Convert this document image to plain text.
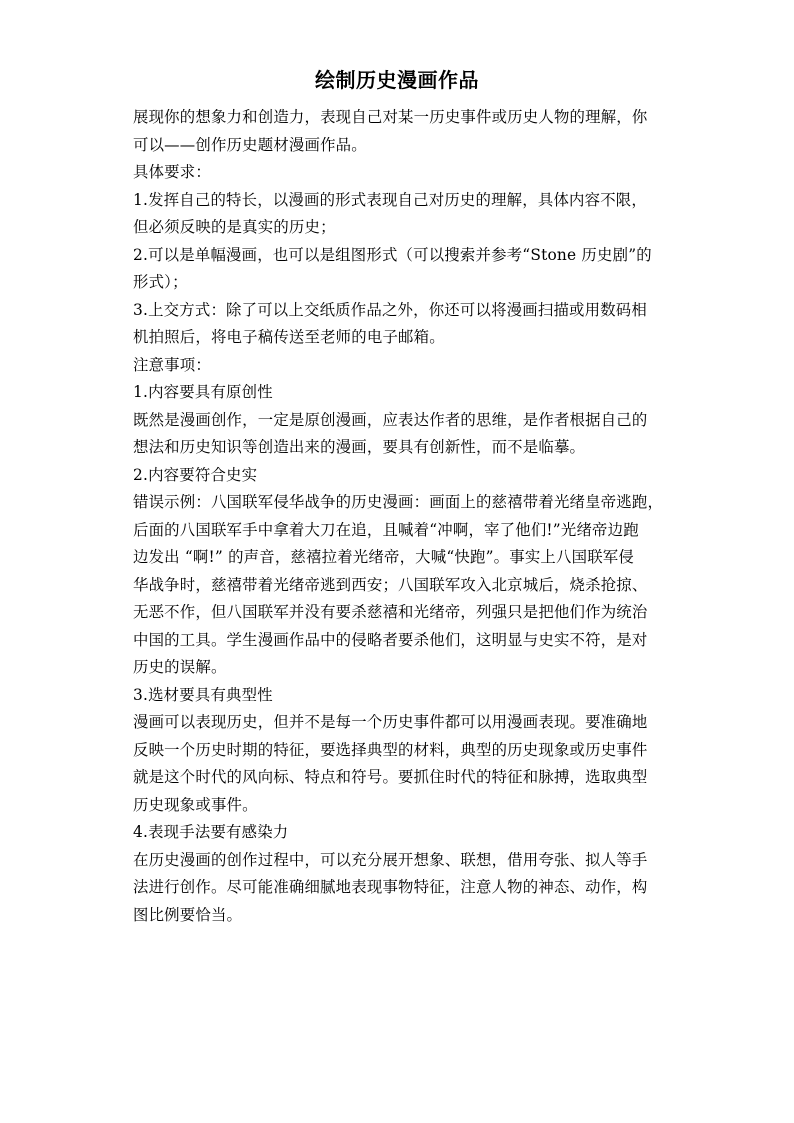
绘制历史漫画作品
展现你的想象力和创造力，表现自己对某一历史事件或历史人物的理解，你
可以——创作历史题材漫画作品。
具体要求：
1.发挥自己的特长，以漫画的形式表现自己对历史的理解，具体内容不限，
但必须反映的是真实的历史；
2.可以是单幅漫画，也可以是组图形式（可以搜索并参考“Stone 历史剧”的
形式）；
3.上交方式：除了可以上交纸质作品之外，你还可以将漫画扫描或用数码相
机拍照后，将电子稿传送至老师的电子邮箱。
注意事项：
1.内容要具有原创性
既然是漫画创作，一定是原创漫画，应表达作者的思维，是作者根据自己的
想法和历史知识等创造出来的漫画，要具有创新性，而不是临摹。
2.内容要符合史实
错误示例：八国联军侵华战争的历史漫画：画面上的慈禧带着光绪皇帝逃跑，
后面的八国联军手中拿着大刀在追，且喊着“冲啊，宰了他们!”光绪帝边跑
边发出 “啊!” 的声音，慈禧拉着光绪帝，大喊“快跑”。事实上八国联军侵
华战争时，慈禧带着光绪帝逃到西安；八国联军攻入北京城后，烧杀抢掠、
无恶不作，但八国联军并没有要杀慈禧和光绪帝，列强只是把他们作为统治
中国的工具。学生漫画作品中的侵略者要杀他们，这明显与史实不符，是对
历史的误解。
3.选材要具有典型性
漫画可以表现历史，但并不是每一个历史事件都可以用漫画表现。要准确地
反映一个历史时期的特征，要选择典型的材料，典型的历史现象或历史事件
就是这个时代的风向标、特点和符号。要抓住时代的特征和脉搏，选取典型
历史现象或事件。
4.表现手法要有感染力
在历史漫画的创作过程中，可以充分展开想象、联想，借用夸张、拟人等手
法进行创作。尽可能准确细腻地表现事物特征，注意人物的神态、动作，构
图比例要恰当。
